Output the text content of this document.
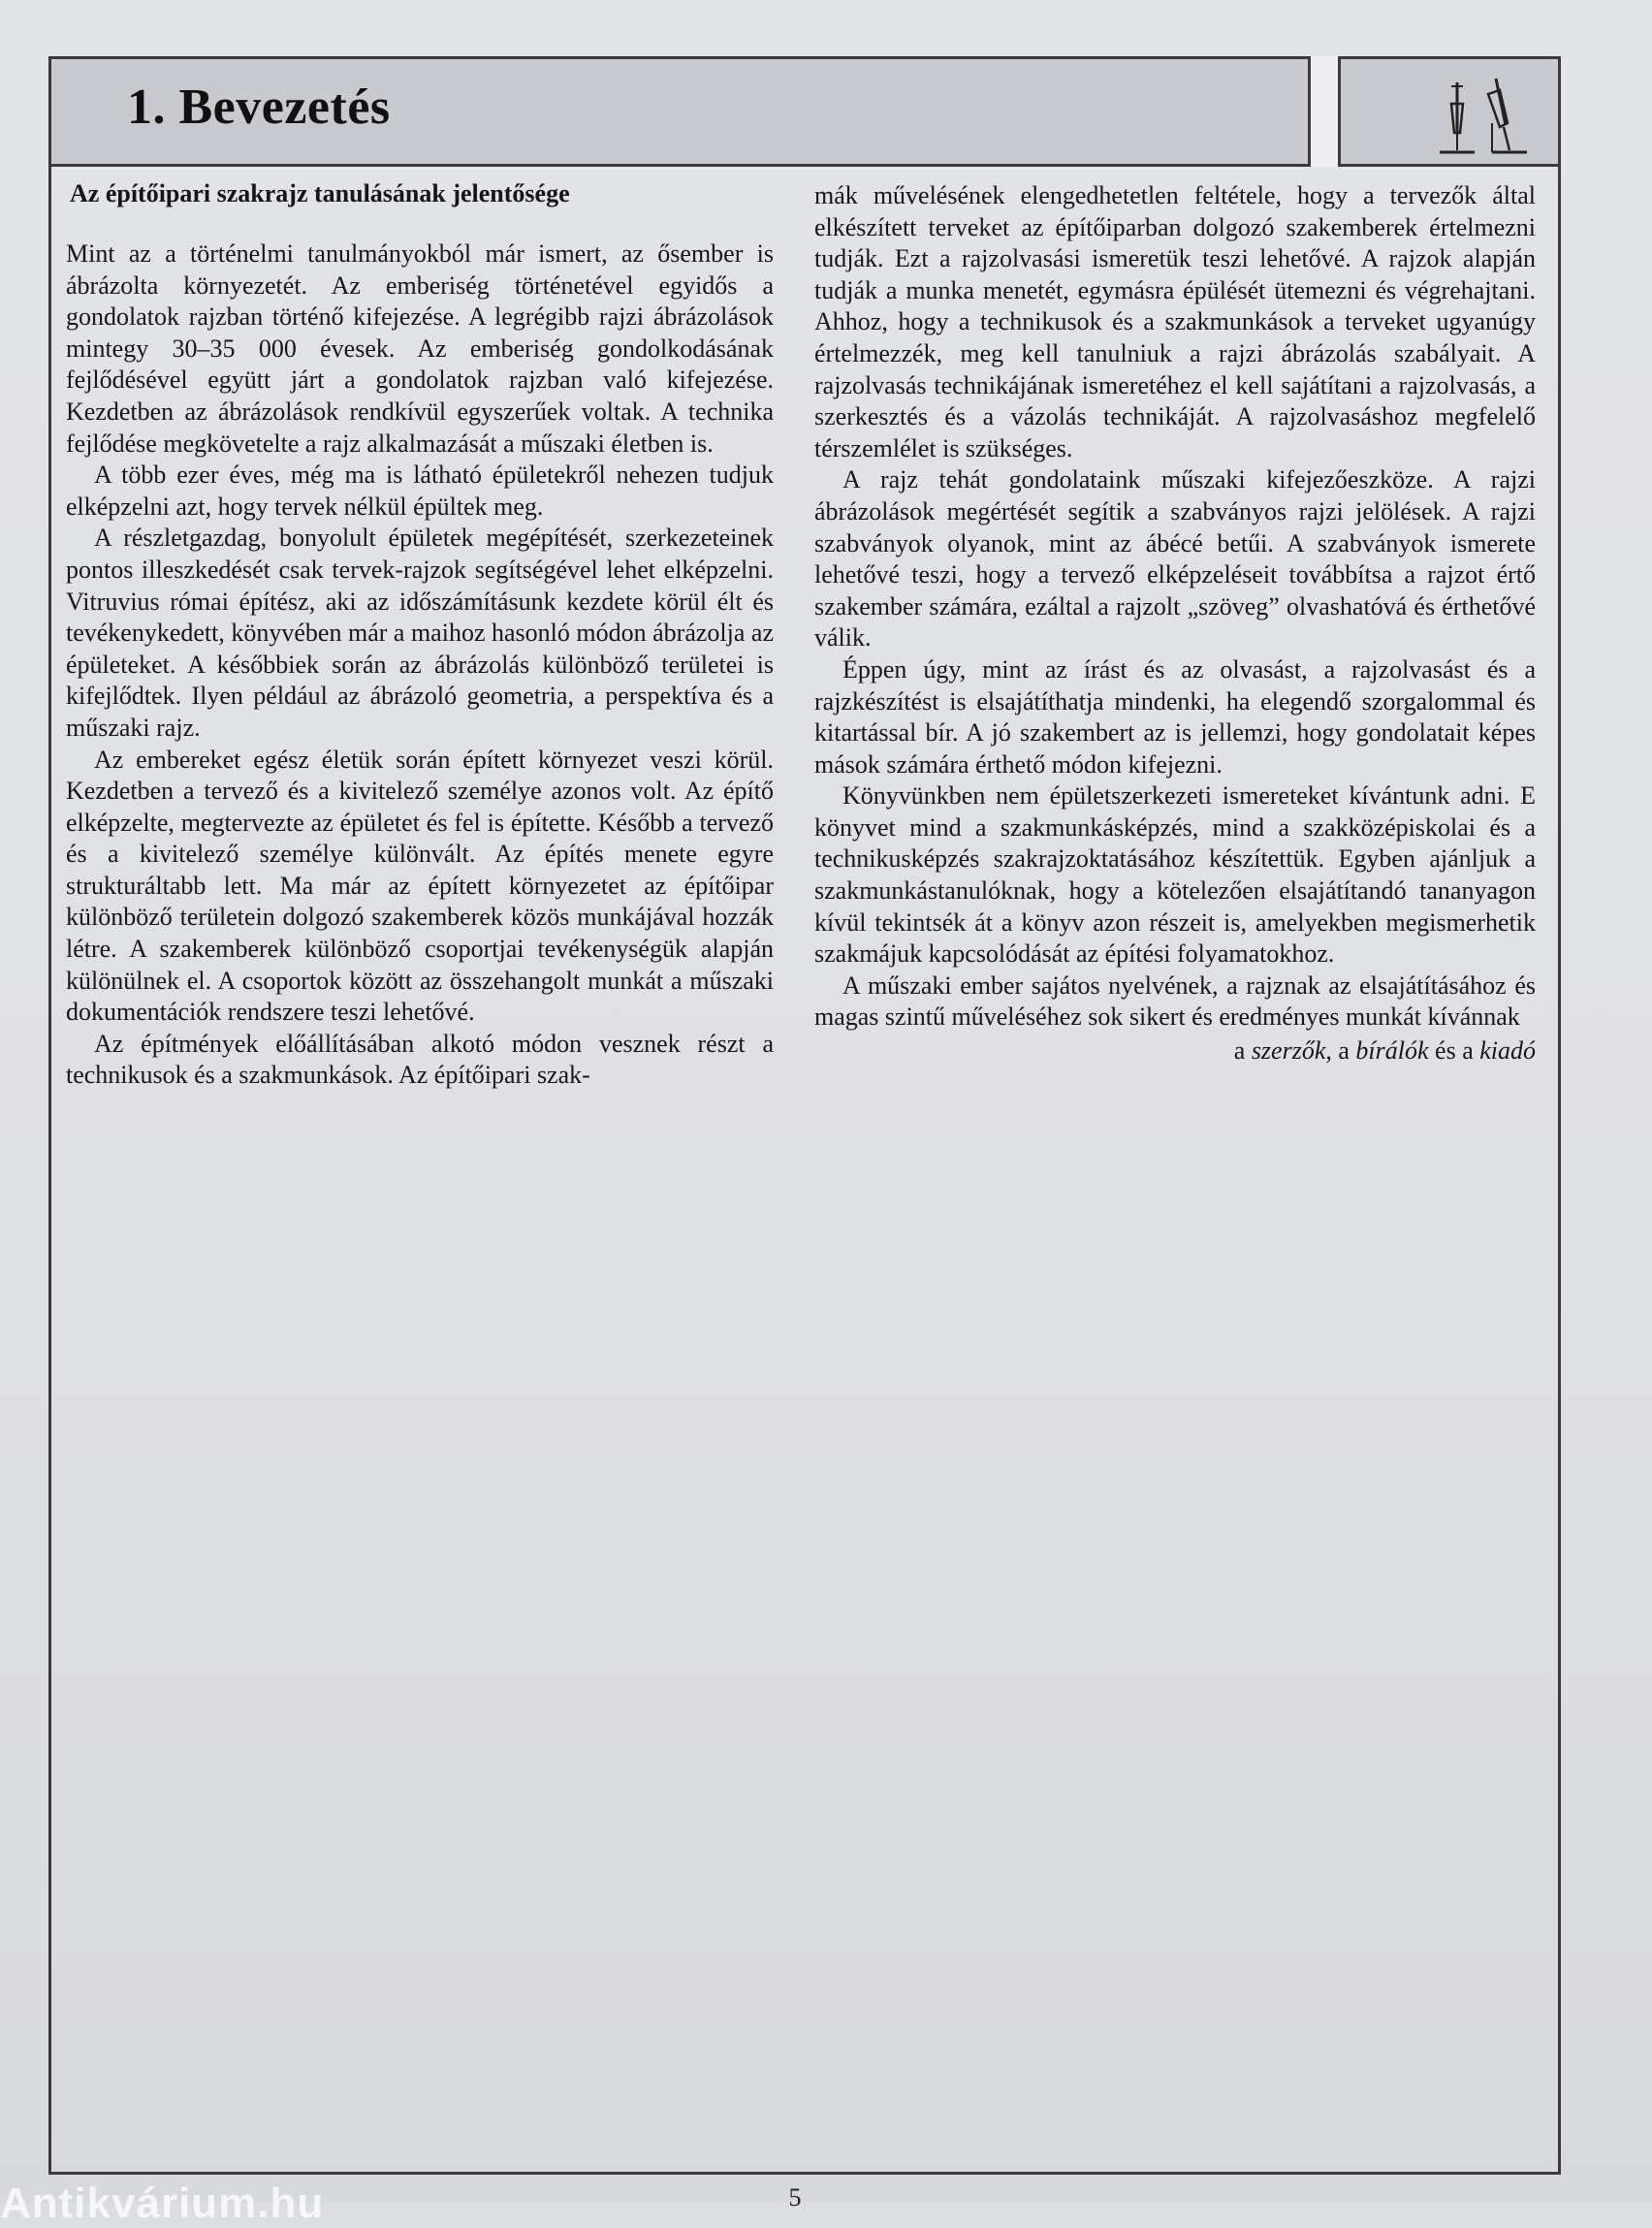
1. Bevezetés
Az építőipari szakrajz tanulásának jelentősége

Mint az a történelmi tanulmányokból már ismert, az ősember is ábrázolta környezetét. Az emberiség történetével egyidős a gondolatok rajzban történő kifejezése. A legrégibb rajzi ábrázolások mintegy 30–35 000 évesek. Az emberiség gondolkodásának fejlődésével együtt járt a gondolatok rajzban való kifejezése. Kezdetben az ábrázolások rendkívül egyszerűek voltak. A technika fejlődése megkövetelte a rajz alkalmazását a műszaki életben is.

A több ezer éves, még ma is látható épületekről nehezen tudjuk elképzelni azt, hogy tervek nélkül épültek meg.

A részletgazdag, bonyolult épületek megépítését, szerkezeteinek pontos illeszkedését csak tervek-rajzok segítségével lehet elképzelni. Vitruvius római építész, aki az időszámításunk kezdete körül élt és tevékenykedett, könyvében már a maihoz hasonló módon ábrázolja az épületeket. A későbbiek során az ábrázolás különböző területei is kifejlődtek. Ilyen például az ábrázoló geometria, a perspektíva és a műszaki rajz.

Az embereket egész életük során épített környezet veszi körül. Kezdetben a tervező és a kivitelező személye azonos volt. Az építő elképzelte, megtervezte az épületet és fel is építette. Később a tervező és a kivitelező személye különvált. Az építés menete egyre strukturáltabb lett. Ma már az épített környezetet az építőipar különböző területein dolgozó szakemberek közös munkájával hozzák létre. A szakemberek különböző csoportjai tevékenységük alapján különülnek el. A csoportok között az összehangolt munkát a műszaki dokumentációk rendszere teszi lehetővé.

Az építmények előállításában alkotó módon vesznek részt a technikusok és a szakmunkások. Az építőipari szak-

mák művelésének elengedhetetlen feltétele, hogy a tervezők által elkészített terveket az építőiparban dolgozó szakemberek értelmezni tudják. Ezt a rajzolvasási ismeretük teszi lehetővé. A rajzok alapján tudják a munka menetét, egymásra épülését ütemezni és végrehajtani. Ahhoz, hogy a technikusok és a szakmunkások a terveket ugyanúgy értelmezzék, meg kell tanulniuk a rajzi ábrázolás szabályait. A rajzolvasás technikájának ismeretéhez el kell sajátítani a rajzolvasás, a szerkesztés és a vázolás technikáját. A rajzolvasáshoz megfelelő térszemlélet is szükséges.

A rajz tehát gondolataink műszaki kifejezőeszköze. A rajzi ábrázolások megértését segítik a szabványos rajzi jelölések. A rajzi szabványok olyanok, mint az ábécé betűi. A szabványok ismerete lehetővé teszi, hogy a tervező elképzeléseit továbbítsa a rajzot értő szakember számára, ezáltal a rajzolt „szöveg” olvashatóvá és érthetővé válik.

Éppen úgy, mint az írást és az olvasást, a rajzolvasást és a rajzkészítést is elsajátíthatja mindenki, ha elegendő szorgalommal és kitartással bír. A jó szakembert az is jellemzi, hogy gondolatait képes mások számára érthető módon kifejezni.

Könyvünkben nem épületszerkezeti ismereteket kívántunk adni. E könyvet mind a szakmunkásképzés, mind a szakközépiskolai és a technikusképzés szakrajzoktatásához készítettük. Egyben ajánljuk a szakmunkástanulóknak, hogy a kötelezően elsajátítandó tananyagon kívül tekintsék át a könyv azon részeit is, amelyekben megismerhetik szakmájuk kapcsolódását az építési folyamatokhoz.

A műszaki ember sajátos nyelvének, a rajznak az elsajátításához és magas szintű műveléséhez sok sikert és eredményes munkát kívánnak

a szerzők, a bírálók és a kiadó
5
Antikvárium.hu
